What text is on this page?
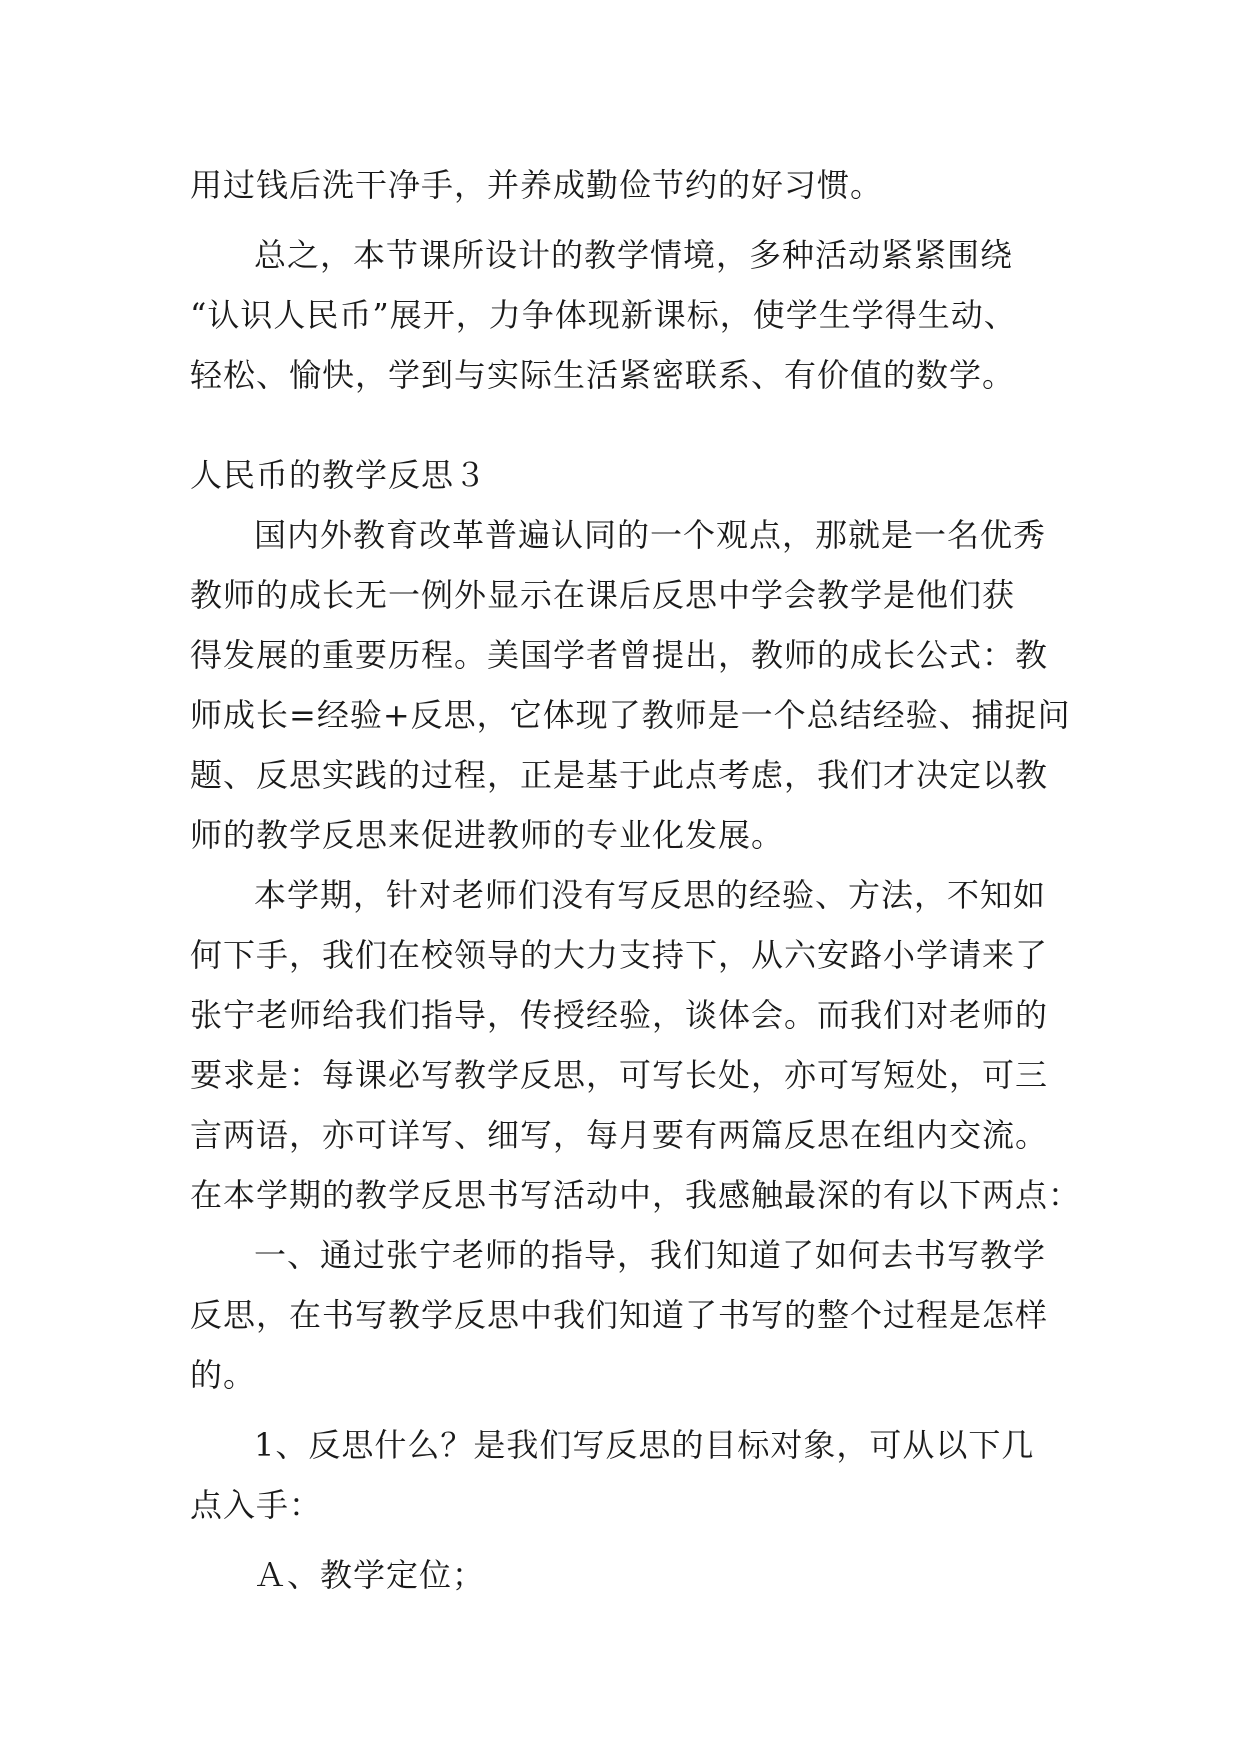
用过钱后洗干净手，并养成勤俭节约的好习惯。
总之，本节课所设计的教学情境，多种活动紧紧围绕
“认识人民币”展开，力争体现新课标，使学生学得生动、
轻松、愉快，学到与实际生活紧密联系、有价值的数学。
人民币的教学反思３
国内外教育改革普遍认同的一个观点，那就是一名优秀
教师的成长无一例外显示在课后反思中学会教学是他们获
得发展的重要历程。美国学者曾提出，教师的成长公式：教
师成长=经验+反思，它体现了教师是一个总结经验、捕捉问
题、反思实践的过程，正是基于此点考虑，我们才决定以教
师的教学反思来促进教师的专业化发展。
本学期，针对老师们没有写反思的经验、方法，不知如
何下手，我们在校领导的大力支持下，从六安路小学请来了
张宁老师给我们指导，传授经验，谈体会。而我们对老师的
要求是：每课必写教学反思，可写长处，亦可写短处，可三
言两语，亦可详写、细写，每月要有两篇反思在组内交流。
在本学期的教学反思书写活动中，我感触最深的有以下两点：
一、通过张宁老师的指导，我们知道了如何去书写教学
反思，在书写教学反思中我们知道了书写的整个过程是怎样
的。
1、反思什么？是我们写反思的目标对象，可从以下几
点入手：
Ａ、教学定位；
